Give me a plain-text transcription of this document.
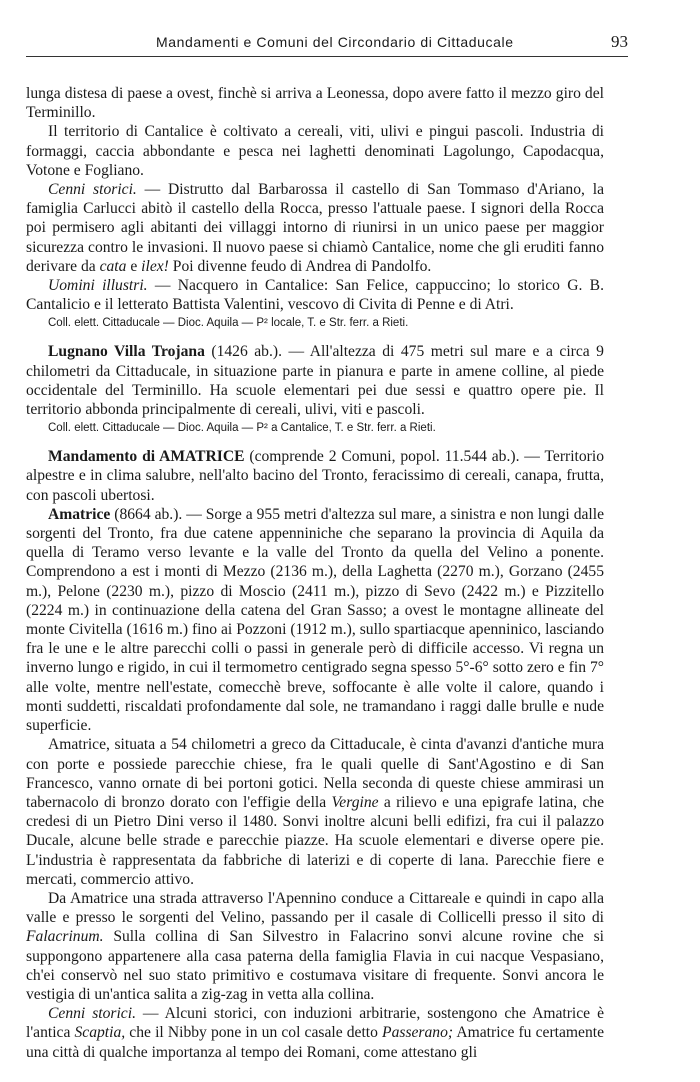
Mandamenti e Comuni del Circondario di Cittaducale	93

lunga distesa di paese a ovest, finchè si arriva a Leonessa, dopo avere fatto il mezzo giro del Terminillo.

Il territorio di Cantalice è coltivato a cereali, viti, ulivi e pingui pascoli. Industria di formaggi, caccia abbondante e pesca nei laghetti denominati Lagolungo, Capodacqua, Votone e Fogliano.

Cenni storici. — Distrutto dal Barbarossa il castello di San Tommaso d'Ariano, la famiglia Carlucci abitò il castello della Rocca, presso l'attuale paese. I signori della Rocca poi permisero agli abitanti dei villaggi intorno di riunirsi in un unico paese per maggior sicurezza contro le invasioni. Il nuovo paese si chiamò Cantalice, nome che gli eruditi fanno derivare da cata e ilex! Poi divenne feudo di Andrea di Pandolfo.

Uomini illustri. — Nacquero in Cantalice: San Felice, cappuccino; lo storico G. B. Cantalicio e il letterato Battista Valentini, vescovo di Civita di Penne e di Atri.

Coll. elett. Cittaducale — Dioc. Aquila — P² locale, T. e Str. ferr. a Rieti.

Lugnano Villa Trojana (1426 ab.). — All'altezza di 475 metri sul mare e a circa 9 chilometri da Cittaducale, in situazione parte in pianura e parte in amene colline, al piede occidentale del Terminillo. Ha scuole elementari pei due sessi e quattro opere pie. Il territorio abbonda principalmente di cereali, ulivi, viti e pascoli.

Coll. elett. Cittaducale — Dioc. Aquila — P² a Cantalice, T. e Str. ferr. a Rieti.

Mandamento di AMATRICE (comprende 2 Comuni, popol. 11.544 ab.). — Territorio alpestre e in clima salubre, nell'alto bacino del Tronto, feracissimo di cereali, canapa, frutta, con pascoli ubertosi.

Amatrice (8664 ab.). — Sorge a 955 metri d'altezza sul mare, a sinistra e non lungi dalle sorgenti del Tronto, fra due catene appenniniche che separano la provincia di Aquila da quella di Teramo verso levante e la valle del Tronto da quella del Velino a ponente. Comprendono a est i monti di Mezzo (2136 m.), della Laghetta (2270 m.), Gorzano (2455 m.), Pelone (2230 m.), pizzo di Moscio (2411 m.), pizzo di Sevo (2422 m.) e Pizzitello (2224 m.) in continuazione della catena del Gran Sasso; a ovest le montagne allineate del monte Civitella (1616 m.) fino ai Pozzoni (1912 m.), sullo spartiacque apenninico, lasciando fra le une e le altre parecchi colli o passi in generale però di difficile accesso. Vi regna un inverno lungo e rigido, in cui il termometro centigrado segna spesso 5°-6° sotto zero e fin 7° alle volte, mentre nell'estate, comecchè breve, soffocante è alle volte il calore, quando i monti suddetti, riscaldati profondamente dal sole, ne tramandano i raggi dalle brulle e nude superficie.

Amatrice, situata a 54 chilometri a greco da Cittaducale, è cinta d'avanzi d'antiche mura con porte e possiede parecchie chiese, fra le quali quelle di Sant'Agostino e di San Francesco, vanno ornate di bei portoni gotici. Nella seconda di queste chiese ammirasi un tabernacolo di bronzo dorato con l'effigie della Vergine a rilievo e una epigrafe latina, che credesi di un Pietro Dini verso il 1480. Sonvi inoltre alcuni belli edifizi, fra cui il palazzo Ducale, alcune belle strade e parecchie piazze. Ha scuole elementari e diverse opere pie. L'industria è rappresentata da fabbriche di laterizi e di coperte di lana. Parecchie fiere e mercati, commercio attivo.

Da Amatrice una strada attraverso l'Apennino conduce a Cittareale e quindi in capo alla valle e presso le sorgenti del Velino, passando per il casale di Collicelli presso il sito di Falacrinum. Sulla collina di San Silvestro in Falacrino sonvi alcune rovine che si suppongono appartenere alla casa paterna della famiglia Flavia in cui nacque Vespasiano, ch'ei conservò nel suo stato primitivo e costumava visitare di frequente. Sonvi ancora le vestigia di un'antica salita a zig-zag in vetta alla collina.

Cenni storici. — Alcuni storici, con induzioni arbitrarie, sostengono che Amatrice è l'antica Scaptia, che il Nibby pone in un col casale detto Passerano; Amatrice fu certamente una città di qualche importanza al tempo dei Romani, come attestano gli
